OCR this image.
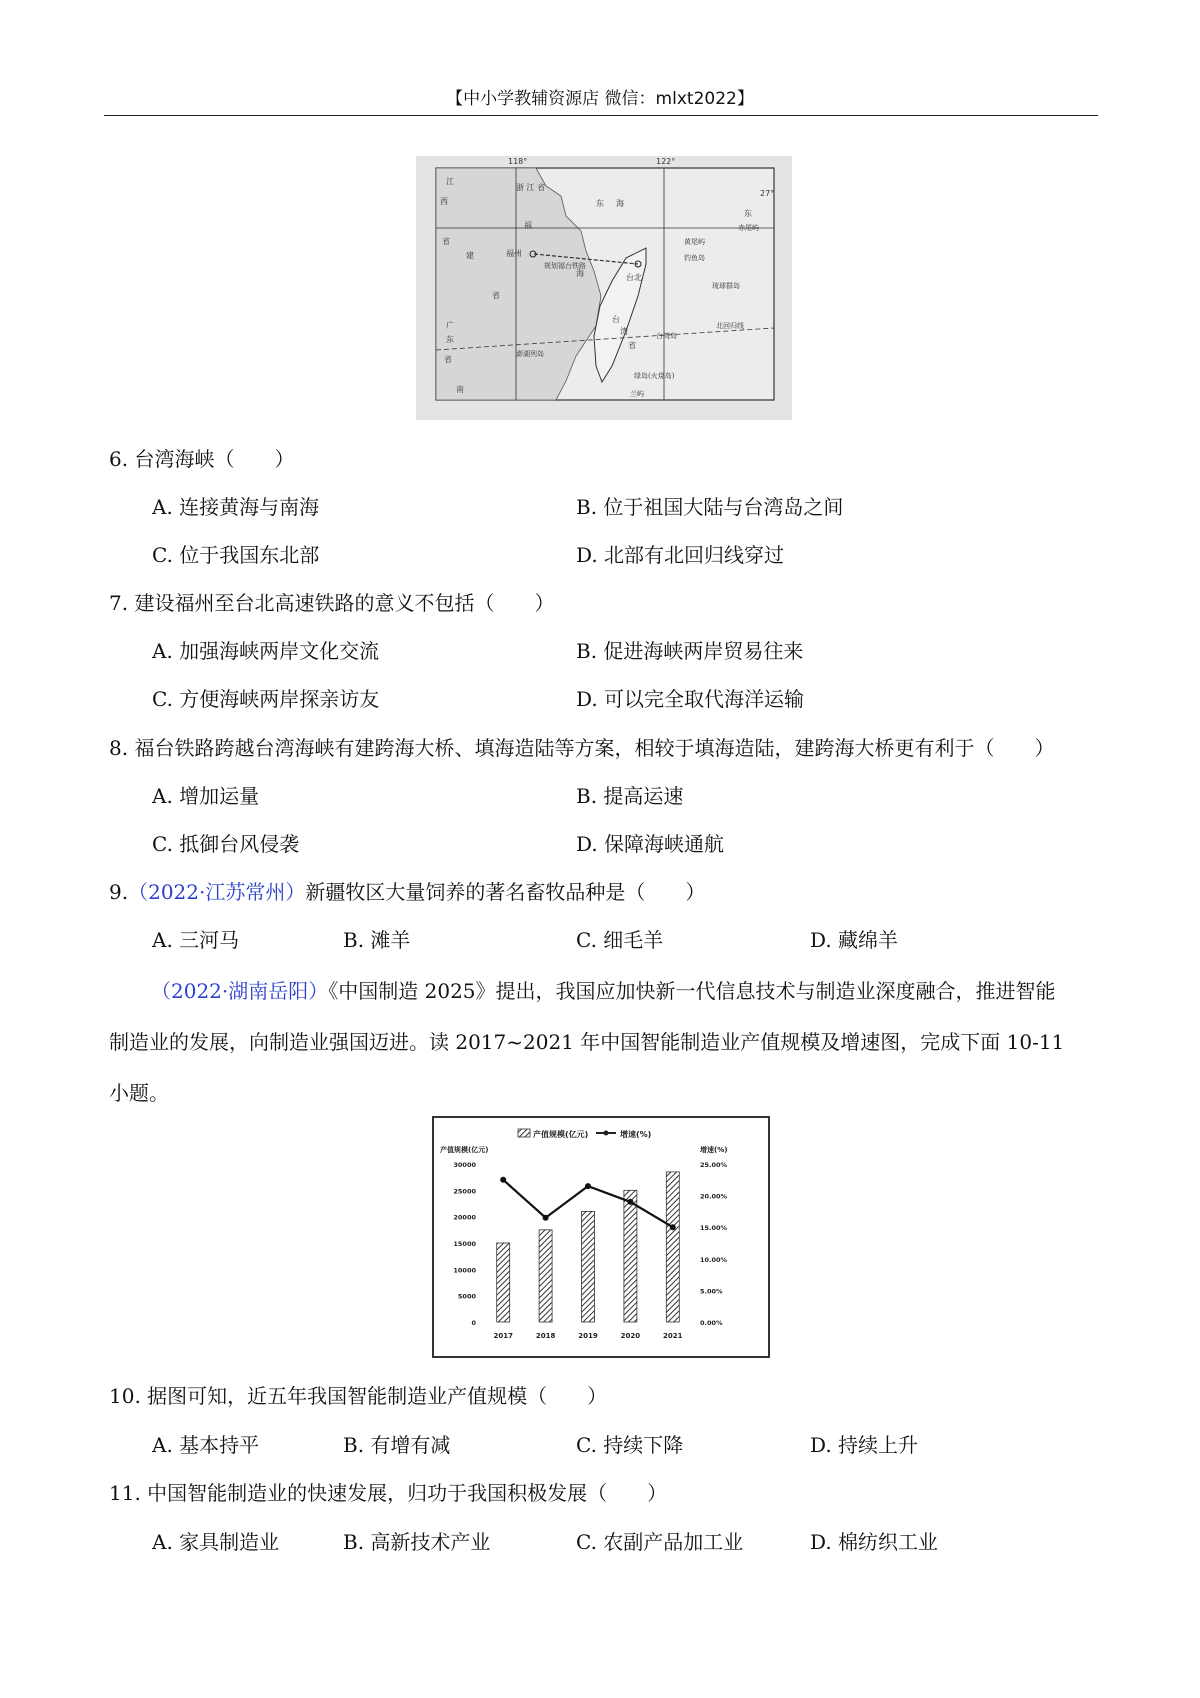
【中小学教辅资源店 微信：mlxt2022】
118°	122°
27°
江
西
省
浙 江 省
福
建
省
东
广
东
省
南
海
台
湾
省
东 海
福州
台北
规划福台铁路
钓鱼岛
黄尾屿
赤尾屿
琉球群岛
台湾岛
北回归线
澎湖列岛
绿岛(火烧岛)
兰屿
6. 台湾海峡（　　）
A. 连接黄海与南海	B. 位于祖国大陆与台湾岛之间
C. 位于我国东北部	D. 北部有北回归线穿过
7. 建设福州至台北高速铁路的意义不包括（　　）
A. 加强海峡两岸文化交流	B. 促进海峡两岸贸易往来
C. 方便海峡两岸探亲访友	D. 可以完全取代海洋运输
8. 福台铁路跨越台湾海峡有建跨海大桥、填海造陆等方案，相较于填海造陆，建跨海大桥更有利于（　　）
A. 增加运量	B. 提高运速
C. 抵御台风侵袭	D. 保障海峡通航
9.（2022·江苏常州）新疆牧区大量饲养的著名畜牧品种是（　　）
A. 三河马	B. 滩羊	C. 细毛羊	D. 藏绵羊
（2022·湖南岳阳）《中国制造 2025》提出，我国应加快新一代信息技术与制造业深度融合，推进智能
制造业的发展，向制造业强国迈进。读 2017~2021 年中国智能制造业产值规模及增速图，完成下面 10-11
小题。
产值规模(亿元)	增速(%)
产值规模(亿元)	增速(%)
30000
25000
20000
15000
10000
5000
0
25.00%
20.00%
15.00%
10.00%
5.00%
0.00%
2017	2018	2019	2020	2021
10. 据图可知，近五年我国智能制造业产值规模（　　）
A. 基本持平	B. 有增有减	C. 持续下降	D. 持续上升
11. 中国智能制造业的快速发展，归功于我国积极发展（　　）
A. 家具制造业	B. 高新技术产业	C. 农副产品加工业	D. 棉纺织工业
